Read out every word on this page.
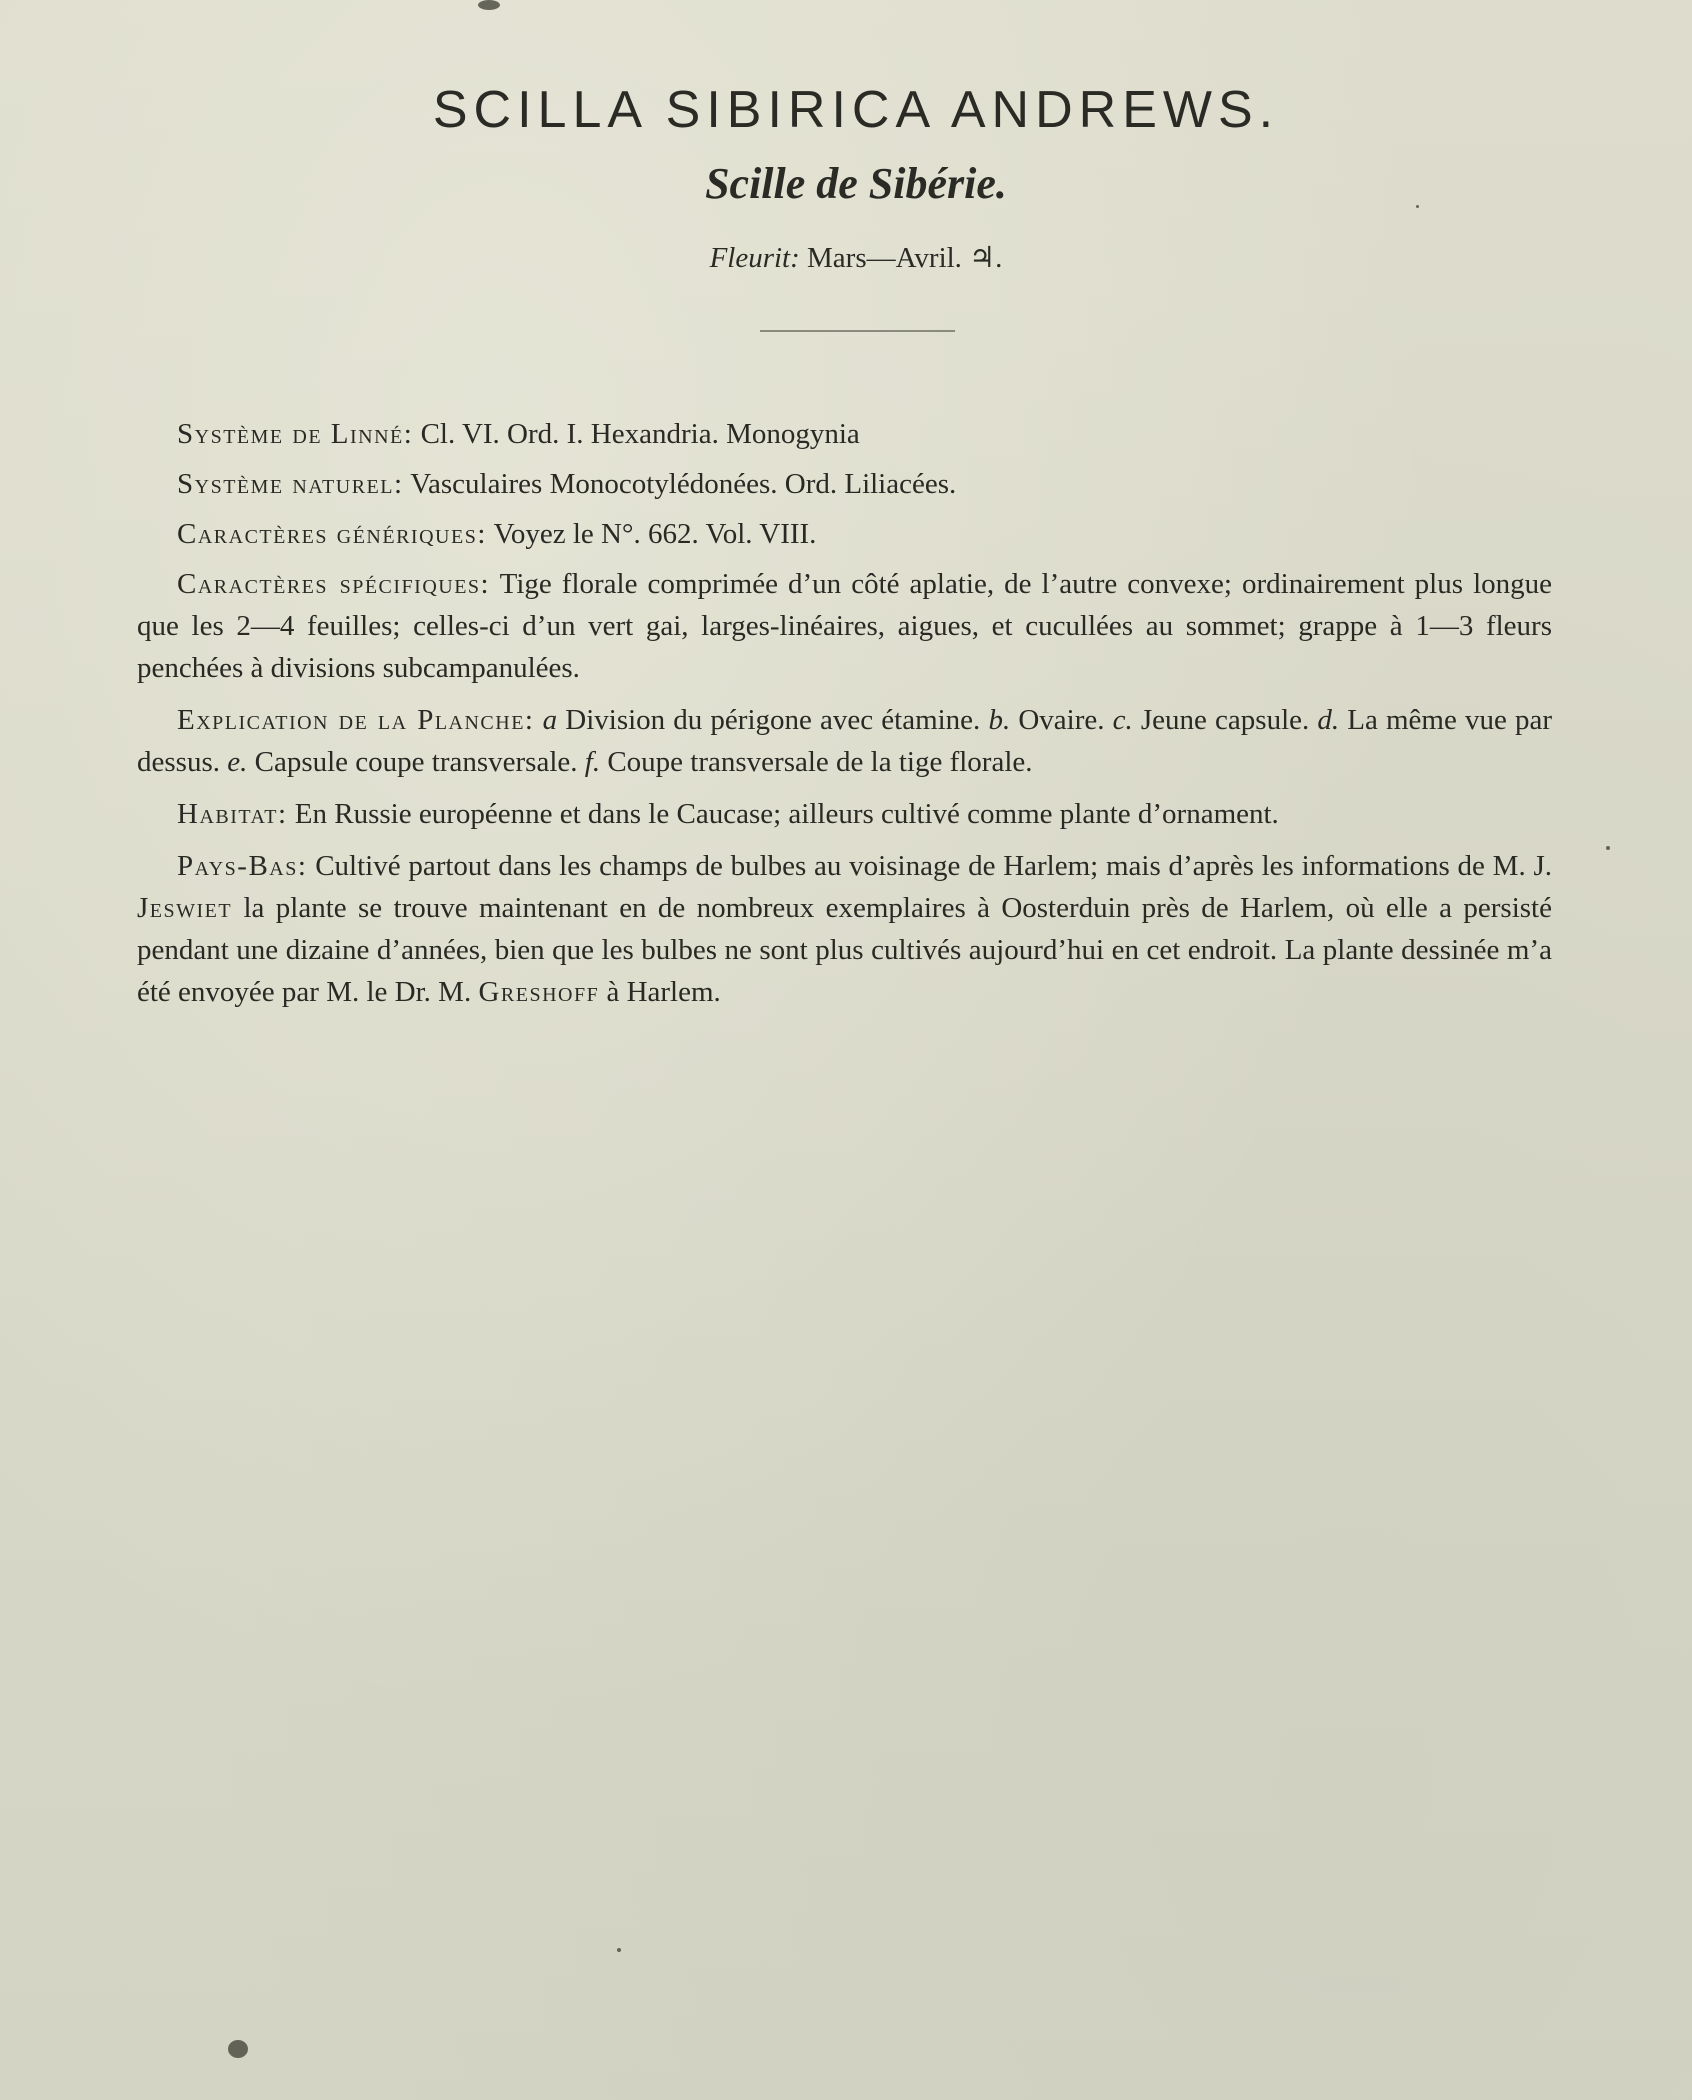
SCILLA SIBIRICA ANDREWS.
Scille de Sibérie.
Fleurit: Mars—Avril. ♃.

Système de Linné: Cl. VI. Ord. I. Hexandria. Monogynia

Système naturel: Vasculaires Monocotylédonées. Ord. Liliacées.

Caractères génériques: Voyez le N°. 662. Vol. VIII.

Caractères spécifiques: Tige florale comprimée d’un côté aplatie, de l’autre convexe; ordinairement plus longue que les 2—4 feuilles; celles-ci d’un vert gai, larges-linéaires, aigues, et cucullées au sommet; grappe à 1—3 fleurs penchées à divisions subcampanulées.

Explication de la Planche: a Division du périgone avec étamine. b. Ovaire. c. Jeune capsule. d. La même vue par dessus. e. Capsule coupe transversale. f. Coupe transversale de la tige florale.

Habitat: En Russie européenne et dans le Caucase; ailleurs cultivé comme plante d’ornament.

Pays-Bas: Cultivé partout dans les champs de bulbes au voisinage de Harlem; mais d’après les informations de M. J. Jeswiet la plante se trouve maintenant en de nombreux exemplaires à Oosterduin près de Harlem, où elle a persisté pendant une dizaine d’années, bien que les bulbes ne sont plus cultivés aujourd’hui en cet endroit. La plante dessinée m’a été envoyée par M. le Dr. M. Greshoff à Harlem.
